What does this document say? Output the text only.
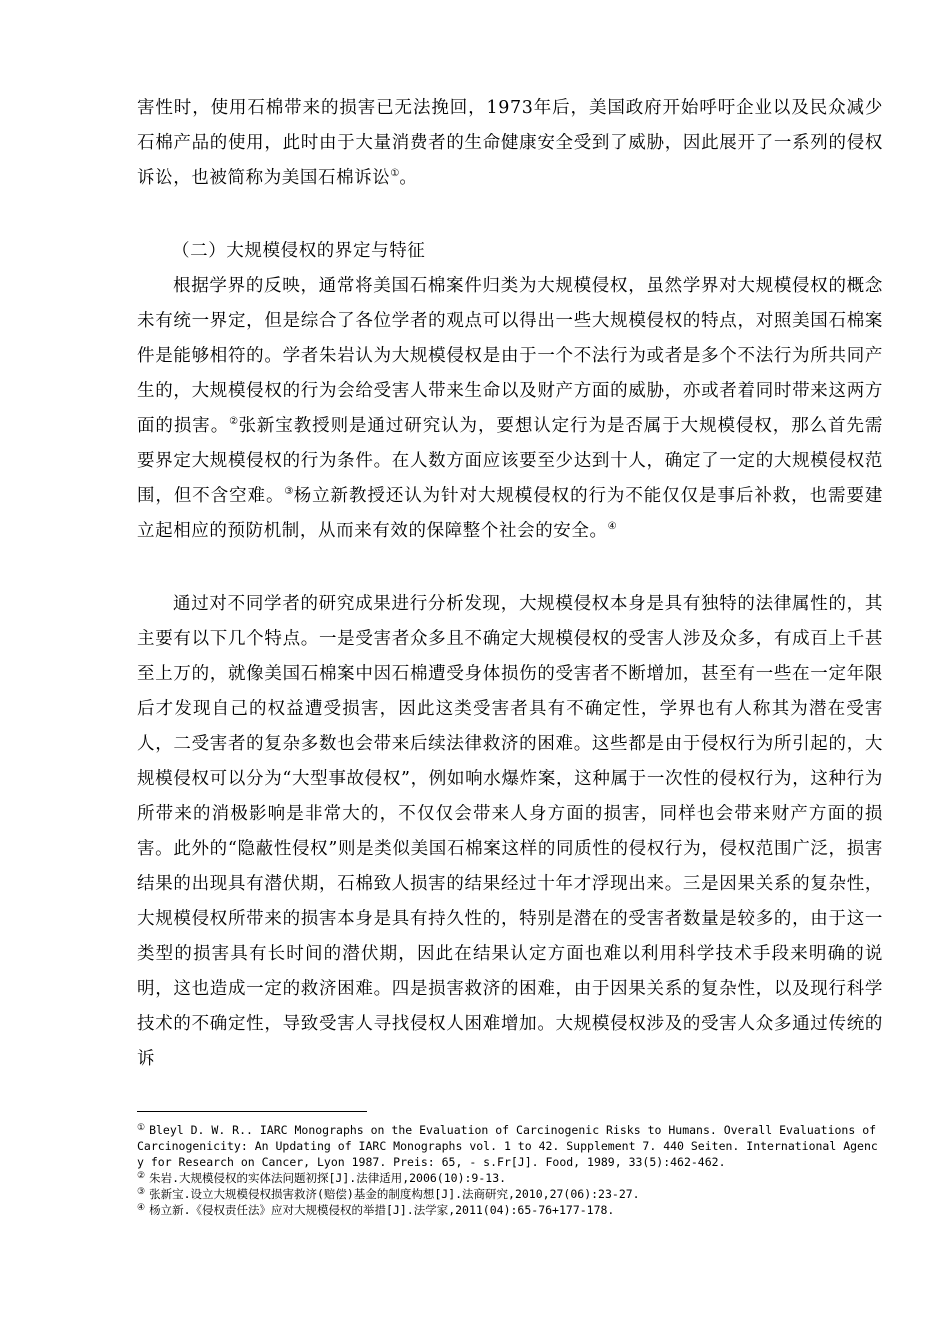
害性时，使用石棉带来的损害已无法挽回，1973年后，美国政府开始呼吁企业以及民众减少石棉产品的使用，此时由于大量消费者的生命健康安全受到了威胁，因此展开了一系列的侵权诉讼，也被简称为美国石棉诉讼①。

（二）大规模侵权的界定与特征

根据学界的反映，通常将美国石棉案件归类为大规模侵权，虽然学界对大规模侵权的概念未有统一界定，但是综合了各位学者的观点可以得出一些大规模侵权的特点，对照美国石棉案件是能够相符的。学者朱岩认为大规模侵权是由于一个不法行为或者是多个不法行为所共同产生的，大规模侵权的行为会给受害人带来生命以及财产方面的威胁，亦或者着同时带来这两方面的损害。②张新宝教授则是通过研究认为，要想认定行为是否属于大规模侵权，那么首先需要界定大规模侵权的行为条件。在人数方面应该要至少达到十人，确定了一定的大规模侵权范围，但不含空难。③杨立新教授还认为针对大规模侵权的行为不能仅仅是事后补救，也需要建立起相应的预防机制，从而来有效的保障整个社会的安全。④

通过对不同学者的研究成果进行分析发现，大规模侵权本身是具有独特的法律属性的，其主要有以下几个特点。一是受害者众多且不确定大规模侵权的受害人涉及众多，有成百上千甚至上万的，就像美国石棉案中因石棉遭受身体损伤的受害者不断增加，甚至有一些在一定年限后才发现自己的权益遭受损害，因此这类受害者具有不确定性，学界也有人称其为潜在受害人，二受害者的复杂多数也会带来后续法律救济的困难。这些都是由于侵权行为所引起的，大规模侵权可以分为“大型事故侵权”，例如响水爆炸案，这种属于一次性的侵权行为，这种行为所带来的消极影响是非常大的，不仅仅会带来人身方面的损害，同样也会带来财产方面的损害。此外的“隐蔽性侵权”则是类似美国石棉案这样的同质性的侵权行为，侵权范围广泛，损害结果的出现具有潜伏期，石棉致人损害的结果经过十年才浮现出来。三是因果关系的复杂性，大规模侵权所带来的损害本身是具有持久性的，特别是潜在的受害者数量是较多的，由于这一类型的损害具有长时间的潜伏期，因此在结果认定方面也难以利用科学技术手段来明确的说明，这也造成一定的救济困难。四是损害救济的困难，由于因果关系的复杂性，以及现行科学技术的不确定性，导致受害人寻找侵权人困难增加。大规模侵权涉及的受害人众多通过传统的诉

① Bleyl D. W. R.. IARC Monographs on the Evaluation of Carcinogenic Risks to Humans. Overall Evaluations of Carcinogenicity: An Updating of IARC Monographs vol. 1 to 42. Supplement 7. 440 Seiten. International Agency for Research on Cancer, Lyon 1987. Preis: 65, - s.Fr[J]. Food, 1989, 33(5):462-462.

② 朱岩.大规模侵权的实体法问题初探[J].法律适用,2006(10):9-13.

③ 张新宝.设立大规模侵权损害救济(赔偿)基金的制度构想[J].法商研究,2010,27(06):23-27.

④ 杨立新.《侵权责任法》应对大规模侵权的举措[J].法学家,2011(04):65-76+177-178.
